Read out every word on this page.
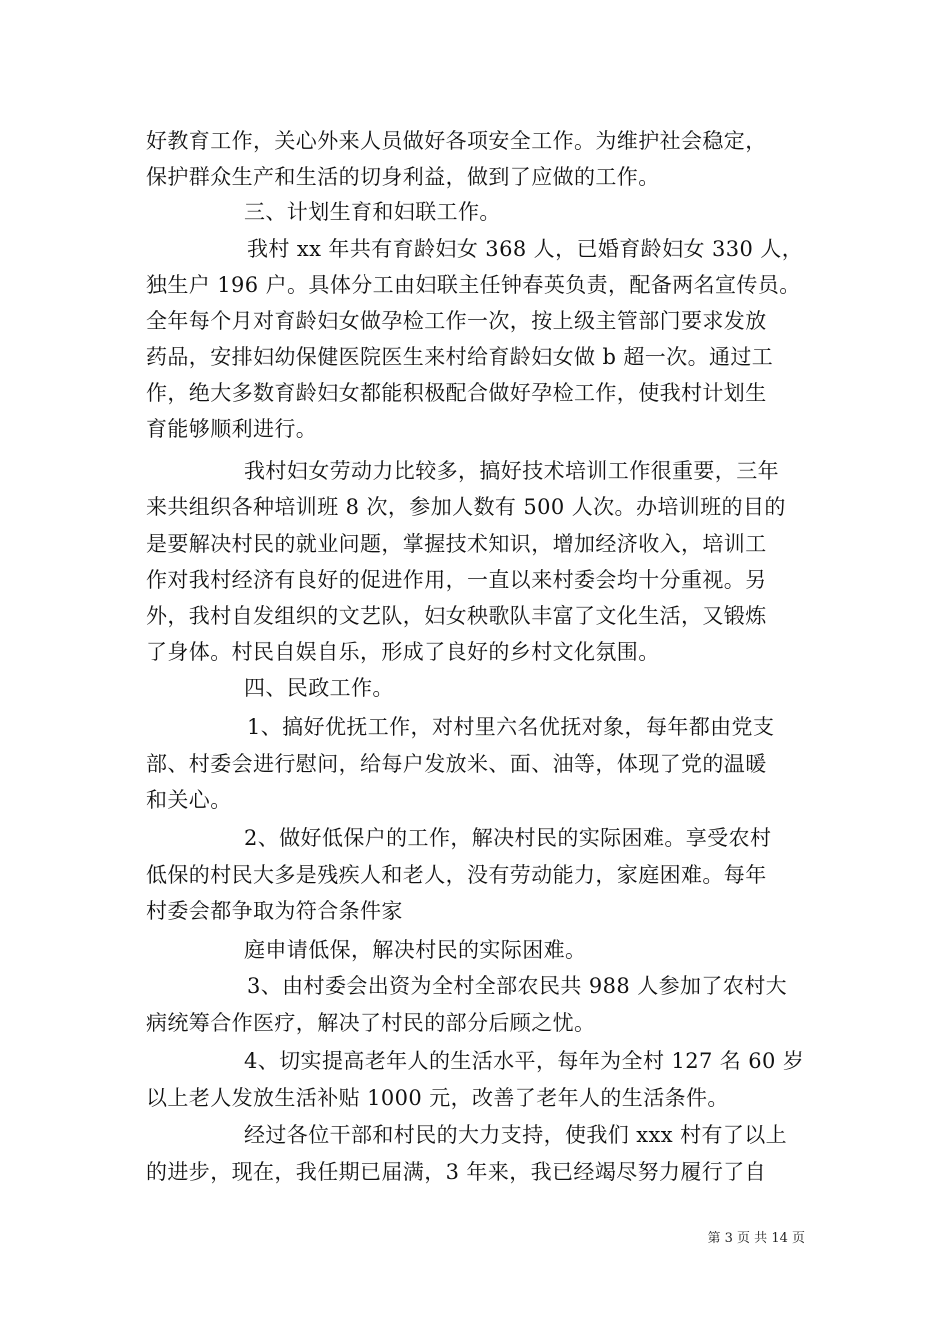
好教育工作，关心外来人员做好各项安全工作。为维护社会稳定，
保护群众生产和生活的切身利益，做到了应做的工作。
三、计划生育和妇联工作。
我村 xx 年共有育龄妇女 368 人，已婚育龄妇女 330 人，
独生户 196 户。具体分工由妇联主任钟春英负责，配备两名宣传员。
全年每个月对育龄妇女做孕检工作一次，按上级主管部门要求发放
药品，安排妇幼保健医院医生来村给育龄妇女做 b 超一次。通过工
作，绝大多数育龄妇女都能积极配合做好孕检工作，使我村计划生
育能够顺利进行。
我村妇女劳动力比较多，搞好技术培训工作很重要，三年
来共组织各种培训班 8 次，参加人数有 500 人次。办培训班的目的
是要解决村民的就业问题，掌握技术知识，增加经济收入，培训工
作对我村经济有良好的促进作用，一直以来村委会均十分重视。另
外，我村自发组织的文艺队，妇女秧歌队丰富了文化生活，又锻炼
了身体。村民自娱自乐，形成了良好的乡村文化氛围。
四、民政工作。
1、搞好优抚工作，对村里六名优抚对象，每年都由党支
部、村委会进行慰问，给每户发放米、面、油等，体现了党的温暖
和关心。
2、做好低保户的工作，解决村民的实际困难。享受农村
低保的村民大多是残疾人和老人，没有劳动能力，家庭困难。每年
村委会都争取为符合条件家
庭申请低保，解决村民的实际困难。
3、由村委会出资为全村全部农民共 988 人参加了农村大
病统筹合作医疗，解决了村民的部分后顾之忧。
4、切实提高老年人的生活水平，每年为全村 127 名 60 岁
以上老人发放生活补贴 1000 元，改善了老年人的生活条件。
经过各位干部和村民的大力支持，使我们 xxx 村有了以上
的进步，现在，我任期已届满，3 年来，我已经竭尽努力履行了自
第 3 页 共 14 页
